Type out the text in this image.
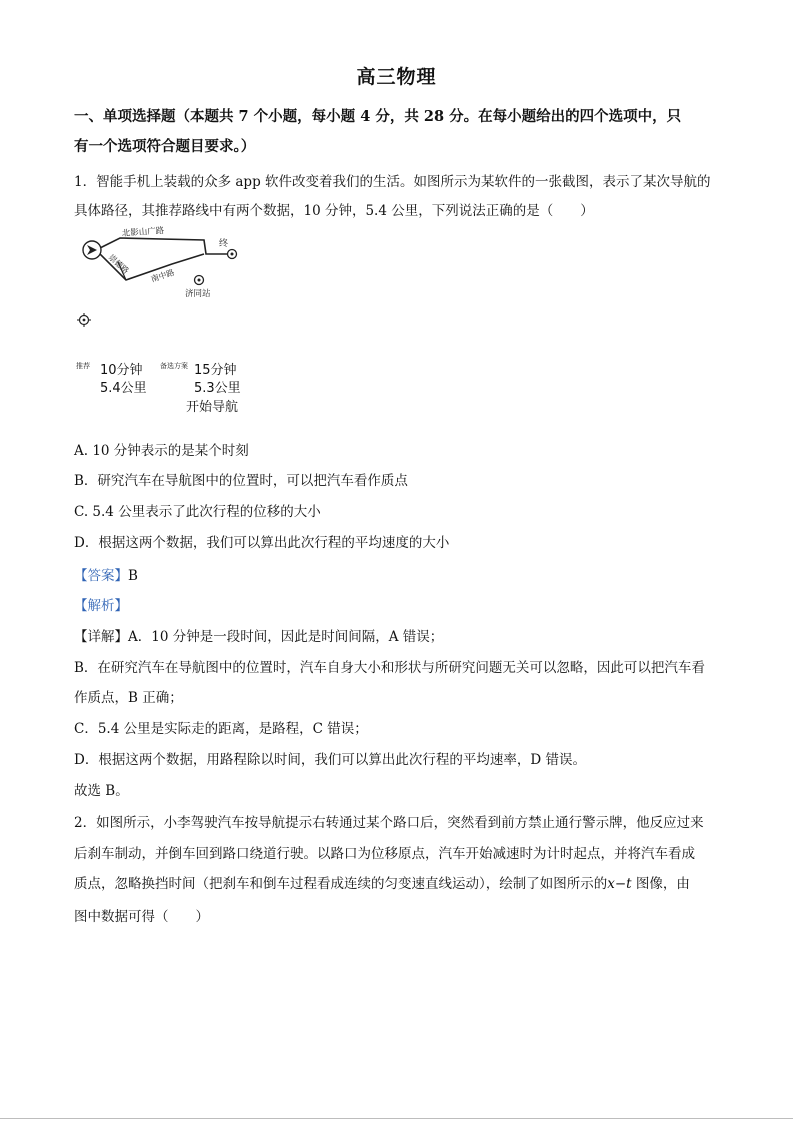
高三物理
一、单项选择题（本题共 7 个小题，每小题 4 分，共 28 分。在每小题给出的四个选项中，只
有一个选项符合题目要求。）
1．智能手机上装载的众多 app 软件改变着我们的生活。如图所示为某软件的一张截图，表示了某次导航的
具体路径，其推荐路线中有两个数据，10 分钟，5.4 公里，下列说法正确的是（　　）
终
北影山广路
崇德路
南中路
济同站
推荐 10分钟
5.4公里
备选方案 15分钟
5.3公里
开始导航
A. 10 分钟表示的是某个时刻
B．研究汽车在导航图中的位置时，可以把汽车看作质点
C. 5.4 公里表示了此次行程的位移的大小
D．根据这两个数据，我们可以算出此次行程的平均速度的大小
【答案】B
【解析】
【详解】A．10 分钟是一段时间，因此是时间间隔，A 错误；
B．在研究汽车在导航图中的位置时，汽车自身大小和形状与所研究问题无关可以忽略，因此可以把汽车看
作质点，B 正确；
C．5.4 公里是实际走的距离，是路程，C 错误；
D．根据这两个数据，用路程除以时间，我们可以算出此次行程的平均速率，D 错误。
故选 B。
2．如图所示，小李驾驶汽车按导航提示右转通过某个路口后，突然看到前方禁止通行警示牌，他反应过来
后刹车制动，并倒车回到路口绕道行驶。以路口为位移原点，汽车开始减速时为计时起点，并将汽车看成
质点，忽略换挡时间（把刹车和倒车过程看成连续的匀变速直线运动），绘制了如图所示的x−t 图像，由
图中数据可得（　　）
